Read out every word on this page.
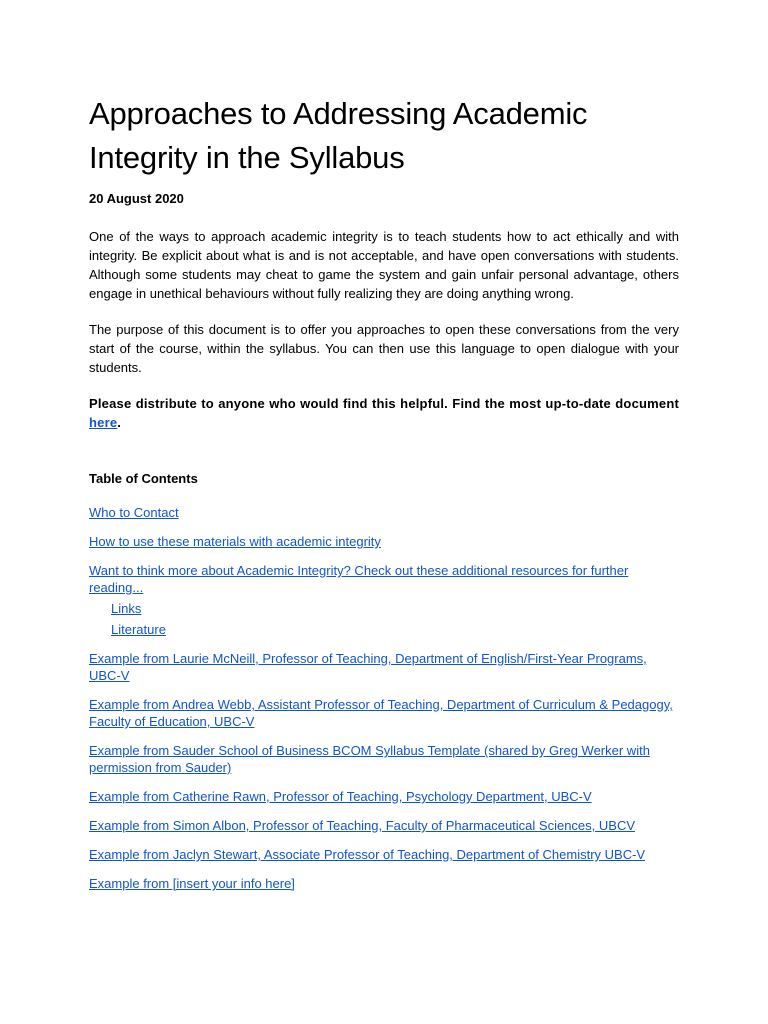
Approaches to Addressing Academic Integrity in the Syllabus
20 August 2020

One of the ways to approach academic integrity is to teach students how to act ethically and with integrity. Be explicit about what is and is not acceptable, and have open conversations with students. Although some students may cheat to game the system and gain unfair personal advantage, others engage in unethical behaviours without fully realizing they are doing anything wrong.

The purpose of this document is to offer you approaches to open these conversations from the very start of the course, within the syllabus. You can then use this language to open dialogue with your students.

Please distribute to anyone who would find this helpful. Find the most up-to-date document here.

Table of Contents
Who to Contact
How to use these materials with academic integrity
Want to think more about Academic Integrity? Check out these additional resources for further reading...
Links
Literature
Example from Laurie McNeill, Professor of Teaching, Department of English/First-Year Programs, UBC-V
Example from Andrea Webb, Assistant Professor of Teaching, Department of Curriculum & Pedagogy, Faculty of Education, UBC-V
Example from Sauder School of Business BCOM Syllabus Template (shared by Greg Werker with permission from Sauder)
Example from Catherine Rawn, Professor of Teaching, Psychology Department, UBC-V
Example from Simon Albon, Professor of Teaching, Faculty of Pharmaceutical Sciences, UBCV
Example from Jaclyn Stewart, Associate Professor of Teaching, Department of Chemistry UBC-V
Example from [insert your info here]
